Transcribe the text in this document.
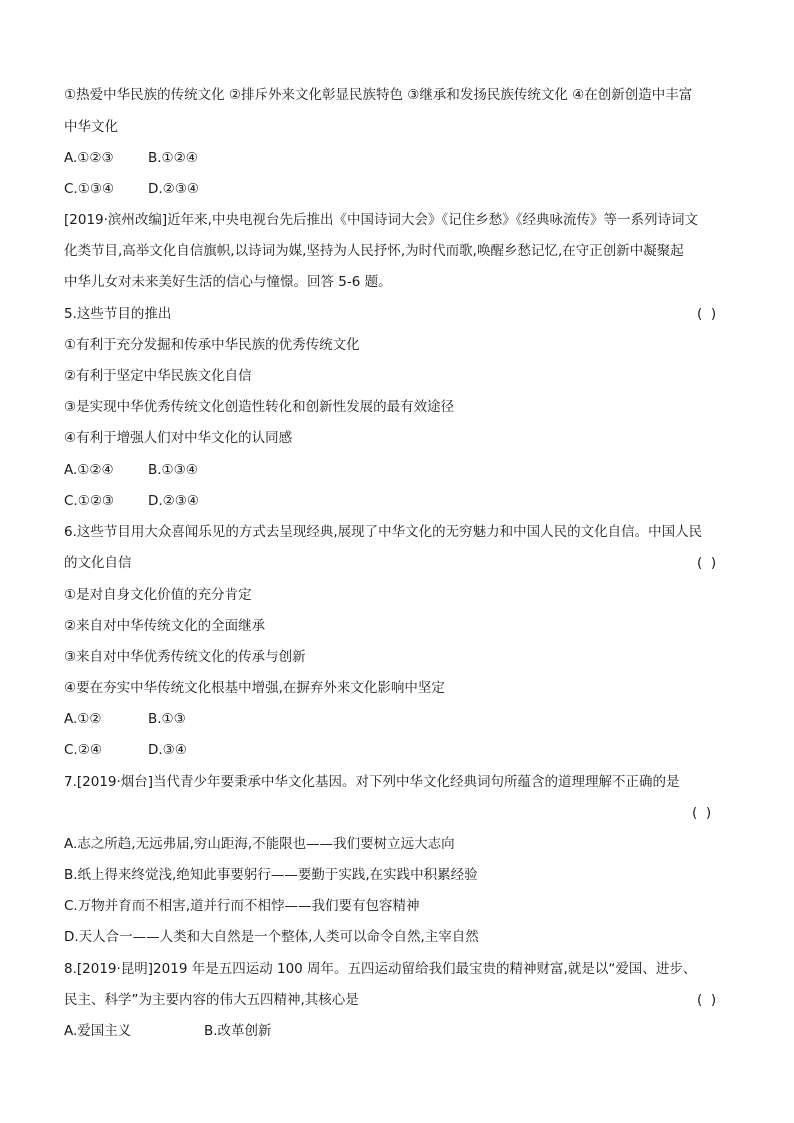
①热爱中华民族的传统文化 ②排斥外来文化彰显民族特色 ③继承和发扬民族传统文化 ④在创新创造中丰富
中华文化
A.①②③	B.①②④
C.①③④	D.②③④
[2019·滨州改编]近年来,中央电视台先后推出《中国诗词大会》《记住乡愁》《经典咏流传》等一系列诗词文
化类节目,高举文化自信旗帜,以诗词为媒,坚持为人民抒怀,为时代而歌,唤醒乡愁记忆,在守正创新中凝聚起
中华儿女对未来美好生活的信心与憧憬。回答 5-6 题。
5.这些节目的推出	(  )
①有利于充分发掘和传承中华民族的优秀传统文化
②有利于坚定中华民族文化自信
③是实现中华优秀传统文化创造性转化和创新性发展的最有效途径
④有利于增强人们对中华文化的认同感
A.①②④	B.①③④
C.①②③	D.②③④
6.这些节目用大众喜闻乐见的方式去呈现经典,展现了中华文化的无穷魅力和中国人民的文化自信。中国人民
的文化自信	(  )
①是对自身文化价值的充分肯定
②来自对中华传统文化的全面继承
③来自对中华优秀传统文化的传承与创新
④要在夯实中华传统文化根基中增强,在摒弃外来文化影响中坚定
A.①②	B.①③
C.②④	D.③④
7.[2019·烟台]当代青少年要秉承中华文化基因。对下列中华文化经典词句所蕴含的道理理解不正确的是
(  )
A.志之所趋,无远弗届,穷山距海,不能限也——我们要树立远大志向
B.纸上得来终觉浅,绝知此事要躬行——要勤于实践,在实践中积累经验
C.万物并育而不相害,道并行而不相悖——我们要有包容精神
D.天人合一——人类和大自然是一个整体,人类可以命令自然,主宰自然
8.[2019·昆明]2019 年是五四运动 100 周年。五四运动留给我们最宝贵的精神财富,就是以“爱国、进步、
民主、科学”为主要内容的伟大五四精神,其核心是	(  )
A.爱国主义	B.改革创新
